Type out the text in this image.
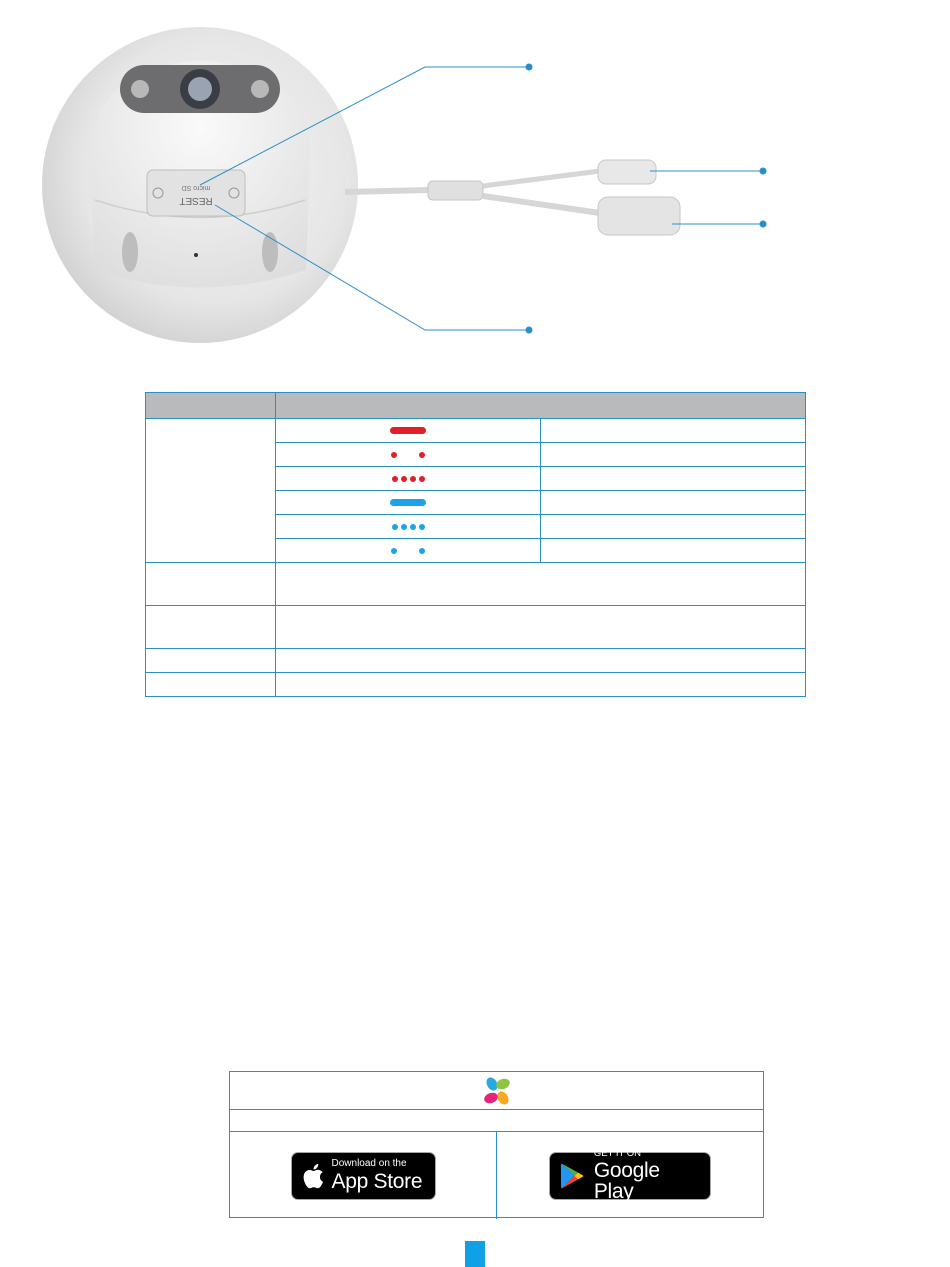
RESET
micro SD

Download on the
App Store
GET IT ON
Google Play
